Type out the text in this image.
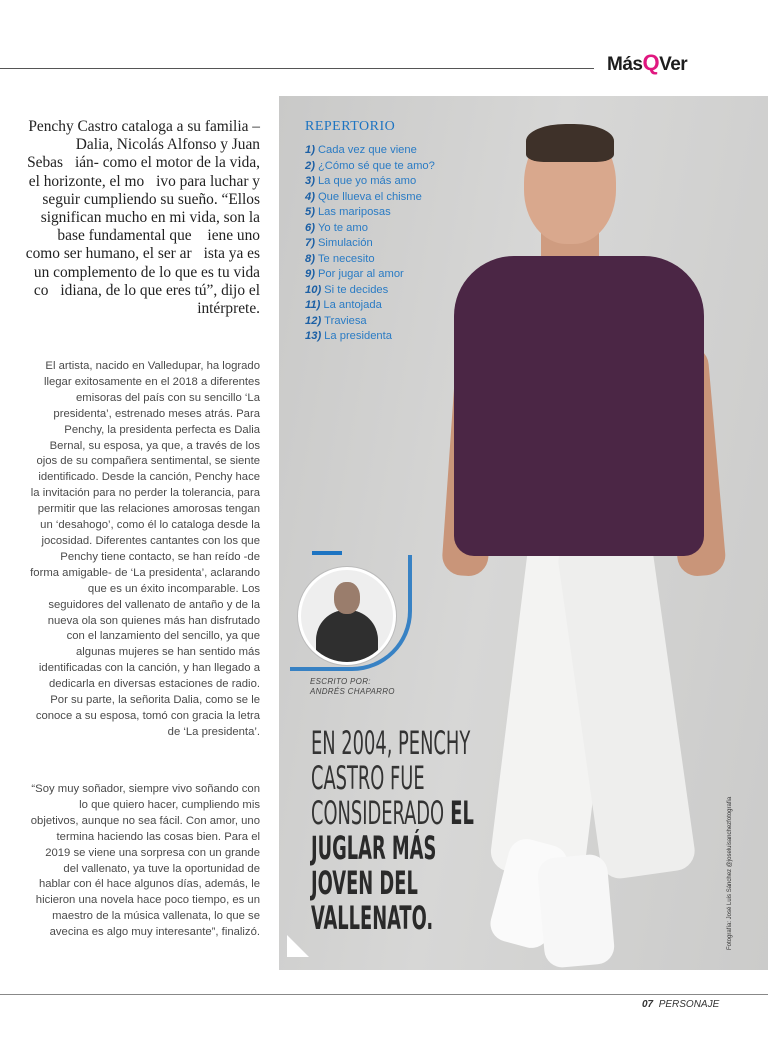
MásQVer
Penchy Castro cataloga a su familia –Dalia, Nicolás Alfonso y Juan Sebas ián- como el motor de la vida, el horizonte, el mo ivo para luchar y seguir cumpliendo su sueño. “Ellos significan mucho en mi vida, son la base fundamental que  iene uno como ser humano, el ser ar ista ya es un complemento de lo que es tu vida co idiana, de lo que eres tú”, dijo el intérprete.
El artista, nacido en Valledupar, ha logrado llegar exitosamente en el 2018 a diferentes emisoras del país con su sencillo ‘La presidenta’, estrenado meses atrás. Para Penchy, la presidenta perfecta es Dalia Bernal, su esposa, ya que, a través de los ojos de su compañera sentimental, se siente identificado. Desde la canción, Penchy hace la invitación para no perder la tolerancia, para permitir que las relaciones amorosas tengan un ‘desahogo’, como él lo cataloga desde la jocosidad. Diferentes cantantes con los que Penchy tiene contacto, se han reído -de forma amigable- de ‘La presidenta’, aclarando que es un éxito incomparable. Los seguidores del vallenato de antaño y de la nueva ola son quienes más han disfrutado con el lanzamiento del sencillo, ya que algunas mujeres se han sentido más identificadas con la canción, y han llegado a dedicarla en diversas estaciones de radio. Por su parte, la señorita Dalia, como se le conoce a su esposa, tomó con gracia la letra de ‘La presidenta’.
“Soy muy soñador, siempre vivo soñando con lo que quiero hacer, cumpliendo mis objetivos, aunque no sea fácil. Con amor, uno termina haciendo las cosas bien. Para el 2019 se viene una sorpresa con un grande del vallenato, ya tuve la oportunidad de hablar con él hace algunos días, además, le hicieron una novela hace poco tiempo, es un maestro de la música vallenata, lo que se avecina es algo muy interesante”, finalizó.
REPERTORIO
1) Cada vez que viene
2) ¿Cómo sé que te amo?
3) La que yo más amo
4) Que llueva el chisme
5) Las mariposas
6) Yo te amo
7) Simulación
8) Te necesito
9) Por jugar al amor
10) Si te decides
11) La antojada
12) Traviesa
13) La presidenta
ESCRITO POR:
ANDRÉS CHAPARRO
EN 2004, PENCHY
CASTRO FUE
CONSIDERADO EL
JUGLAR MÁS
JOVEN DEL
VALLENATO.	Fotografía: José Luis Sánchez @joseluisanchezfotografia
07 PERSONAJE
